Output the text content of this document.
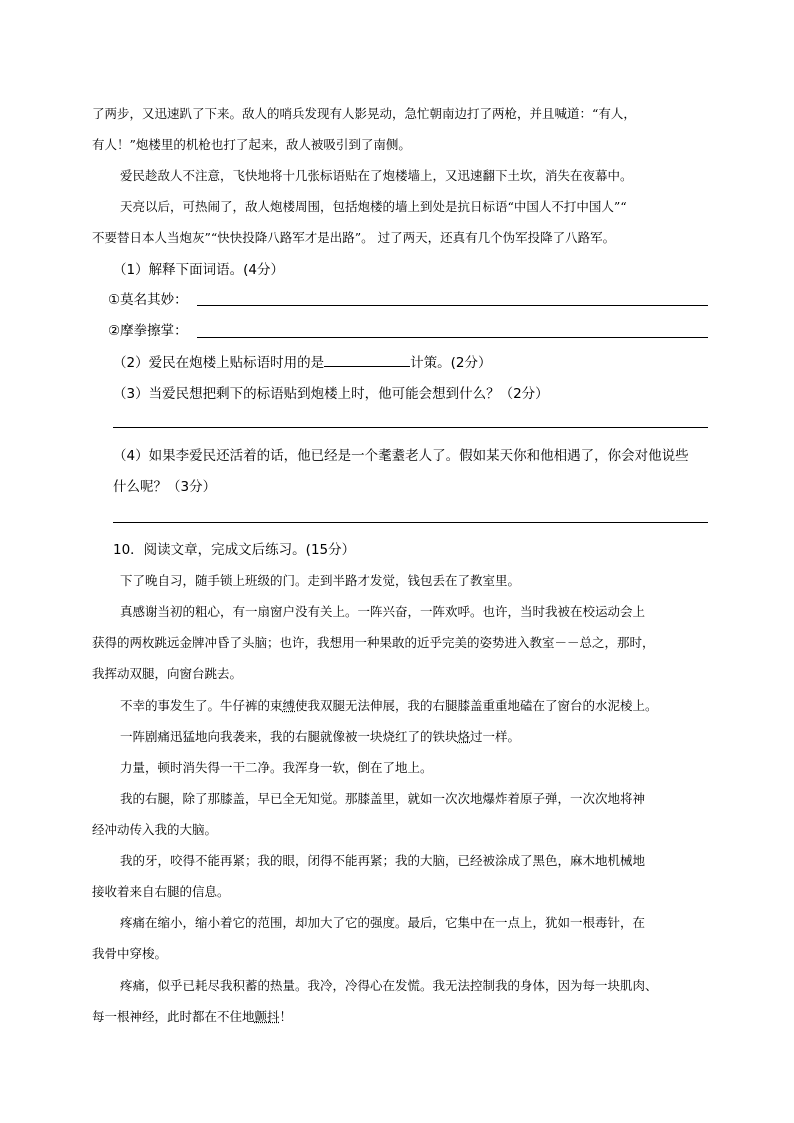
了两步，又迅速趴了下来。敌人的哨兵发现有人影晃动，急忙朝南边打了两枪，并且喊道：“有人，
有人！”炮楼里的机枪也打了起来，敌人被吸引到了南侧。
爱民趁敌人不注意，飞快地将十几张标语贴在了炮楼墙上，又迅速翻下土坎，消失在夜幕中。
天亮以后，可热闹了，敌人炮楼周围，包括炮楼的墙上到处是抗日标语“中国人不打中国人”“
不要替日本人当炮灰”“快快投降八路军才是出路”。 过了两天，还真有几个伪军投降了八路军。
（1）解释下面词语。(4分）
①莫名其妙：
②摩拳擦掌：
（2）爱民在炮楼上贴标语时用的是	计策。(2分）
（3）当爱民想把剩下的标语贴到炮楼上时，他可能会想到什么？（2分）
（4）如果李爱民还活着的话，他已经是一个耄耋老人了。假如某天你和他相遇了，你会对他说些
什么呢？（3分）
10．阅读文章，完成文后练习。(15分）
下了晚自习，随手锁上班级的门。走到半路才发觉，钱包丢在了教室里。
真感谢当初的粗心，有一扇窗户没有关上。一阵兴奋，一阵欢呼。也许，当时我被在校运动会上
获得的两枚跳远金牌冲昏了头脑；也许，我想用一种果敢的近乎完美的姿势进入教室－－总之，那时，
我挥动双腿，向窗台跳去。
不幸的事发生了。牛仔裤的束缚使我双腿无法伸展，我的右腿膝盖重重地磕在了窗台的水泥棱上。
一阵剧痛迅猛地向我袭来，我的右腿就像被一块烧红了的铁块烙过一样。
力量，顿时消失得一干二净。我浑身一软，倒在了地上。
我的右腿，除了那膝盖，早已全无知觉。那膝盖里，就如一次次地爆炸着原子弹，一次次地将神
经冲动传入我的大脑。
我的牙，咬得不能再紧；我的眼，闭得不能再紧；我的大脑，已经被涂成了黑色，麻木地机械地
接收着来自右腿的信息。
疼痛在缩小，缩小着它的范围，却加大了它的强度。最后，它集中在一点上，犹如一根毒针，在
我骨中穿梭。
疼痛，似乎已耗尽我积蓄的热量。我冷，冷得心在发慌。我无法控制我的身体，因为每一块肌肉、
每一根神经，此时都在不住地颤抖！
